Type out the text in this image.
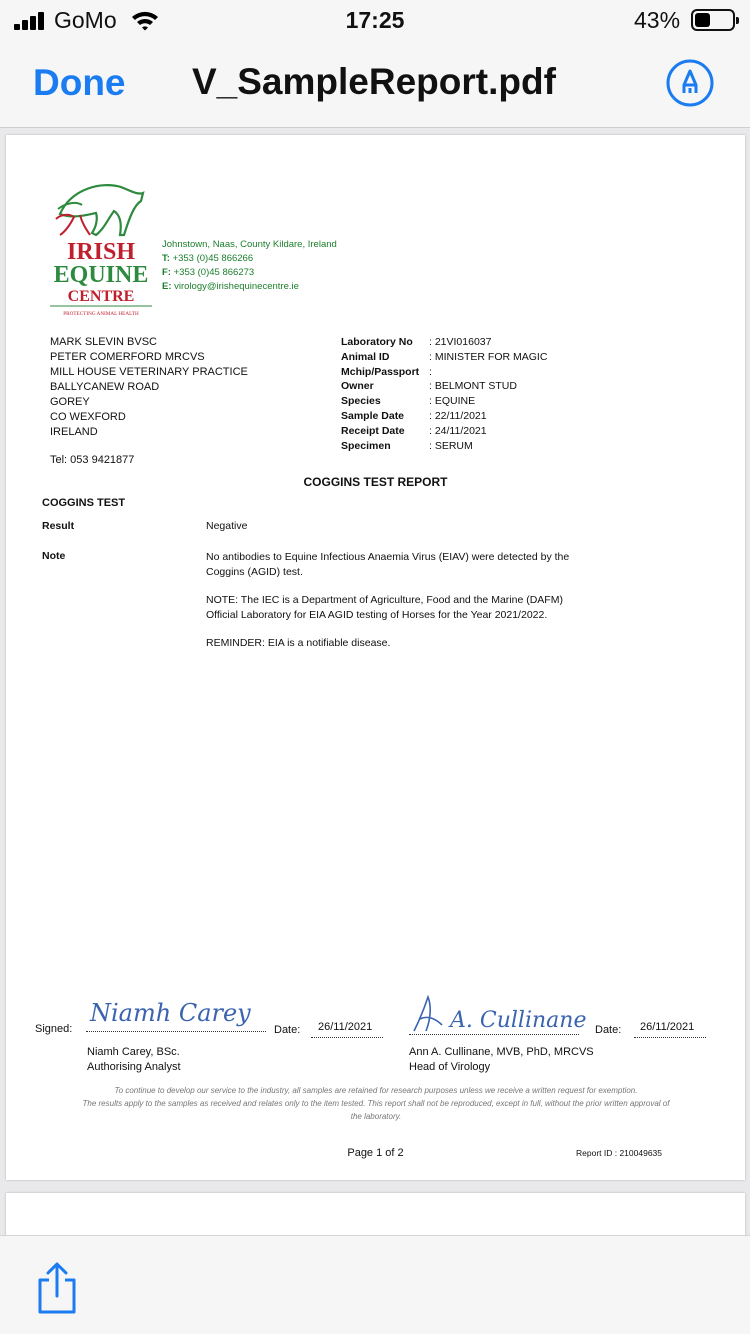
GoMo	17:25	43%
Done V_SampleReport.pdf
IRISH
EQUINE
CENTRE
PROTECTING ANIMAL HEALTH
Johnstown, Naas, County Kildare, Ireland
T: +353 (0)45 866266
F: +353 (0)45 866273
E: virology@irishequinecentre.ie
MARK SLEVIN BVSC
PETER COMERFORD MRCVS
MILL HOUSE VETERINARY PRACTICE
BALLYCANEW ROAD
GOREY
CO WEXFORD
IRELAND
Tel: 053 9421877
Laboratory No	: 21VI016037
Animal ID	: MINISTER FOR MAGIC
Mchip/Passport :
Owner	: BELMONT STUD
Species	: EQUINE
Sample Date	: 22/11/2021
Receipt Date	: 24/11/2021
Specimen	: SERUM
COGGINS TEST REPORT
COGGINS TEST
Result	Negative
Note	No antibodies to Equine Infectious Anaemia Virus (EIAV) were detected by the Coggins (AGID) test.

NOTE: The IEC is a Department of Agriculture, Food and the Marine (DAFM) Official Laboratory for EIA AGID testing of Horses for the Year 2021/2022.

REMINDER: EIA is a notifiable disease.

Signed:
Niamh Carey
Date: 26/11/2021
Niamh Carey, BSc.
Authorising Analyst
A. Cullinane Date: 26/11/2021
Ann A. Cullinane, MVB, PhD, MRCVS
Head of Virology
To continue to develop our service to the industry, all samples are retained for research purposes unless we receive a written request for exemption.
The results apply to the samples as received and relates only to the item tested. This report shall not be reproduced, except in full, without the prior written approval of the laboratory.
Page 1 of 2	Report ID : 210049635
